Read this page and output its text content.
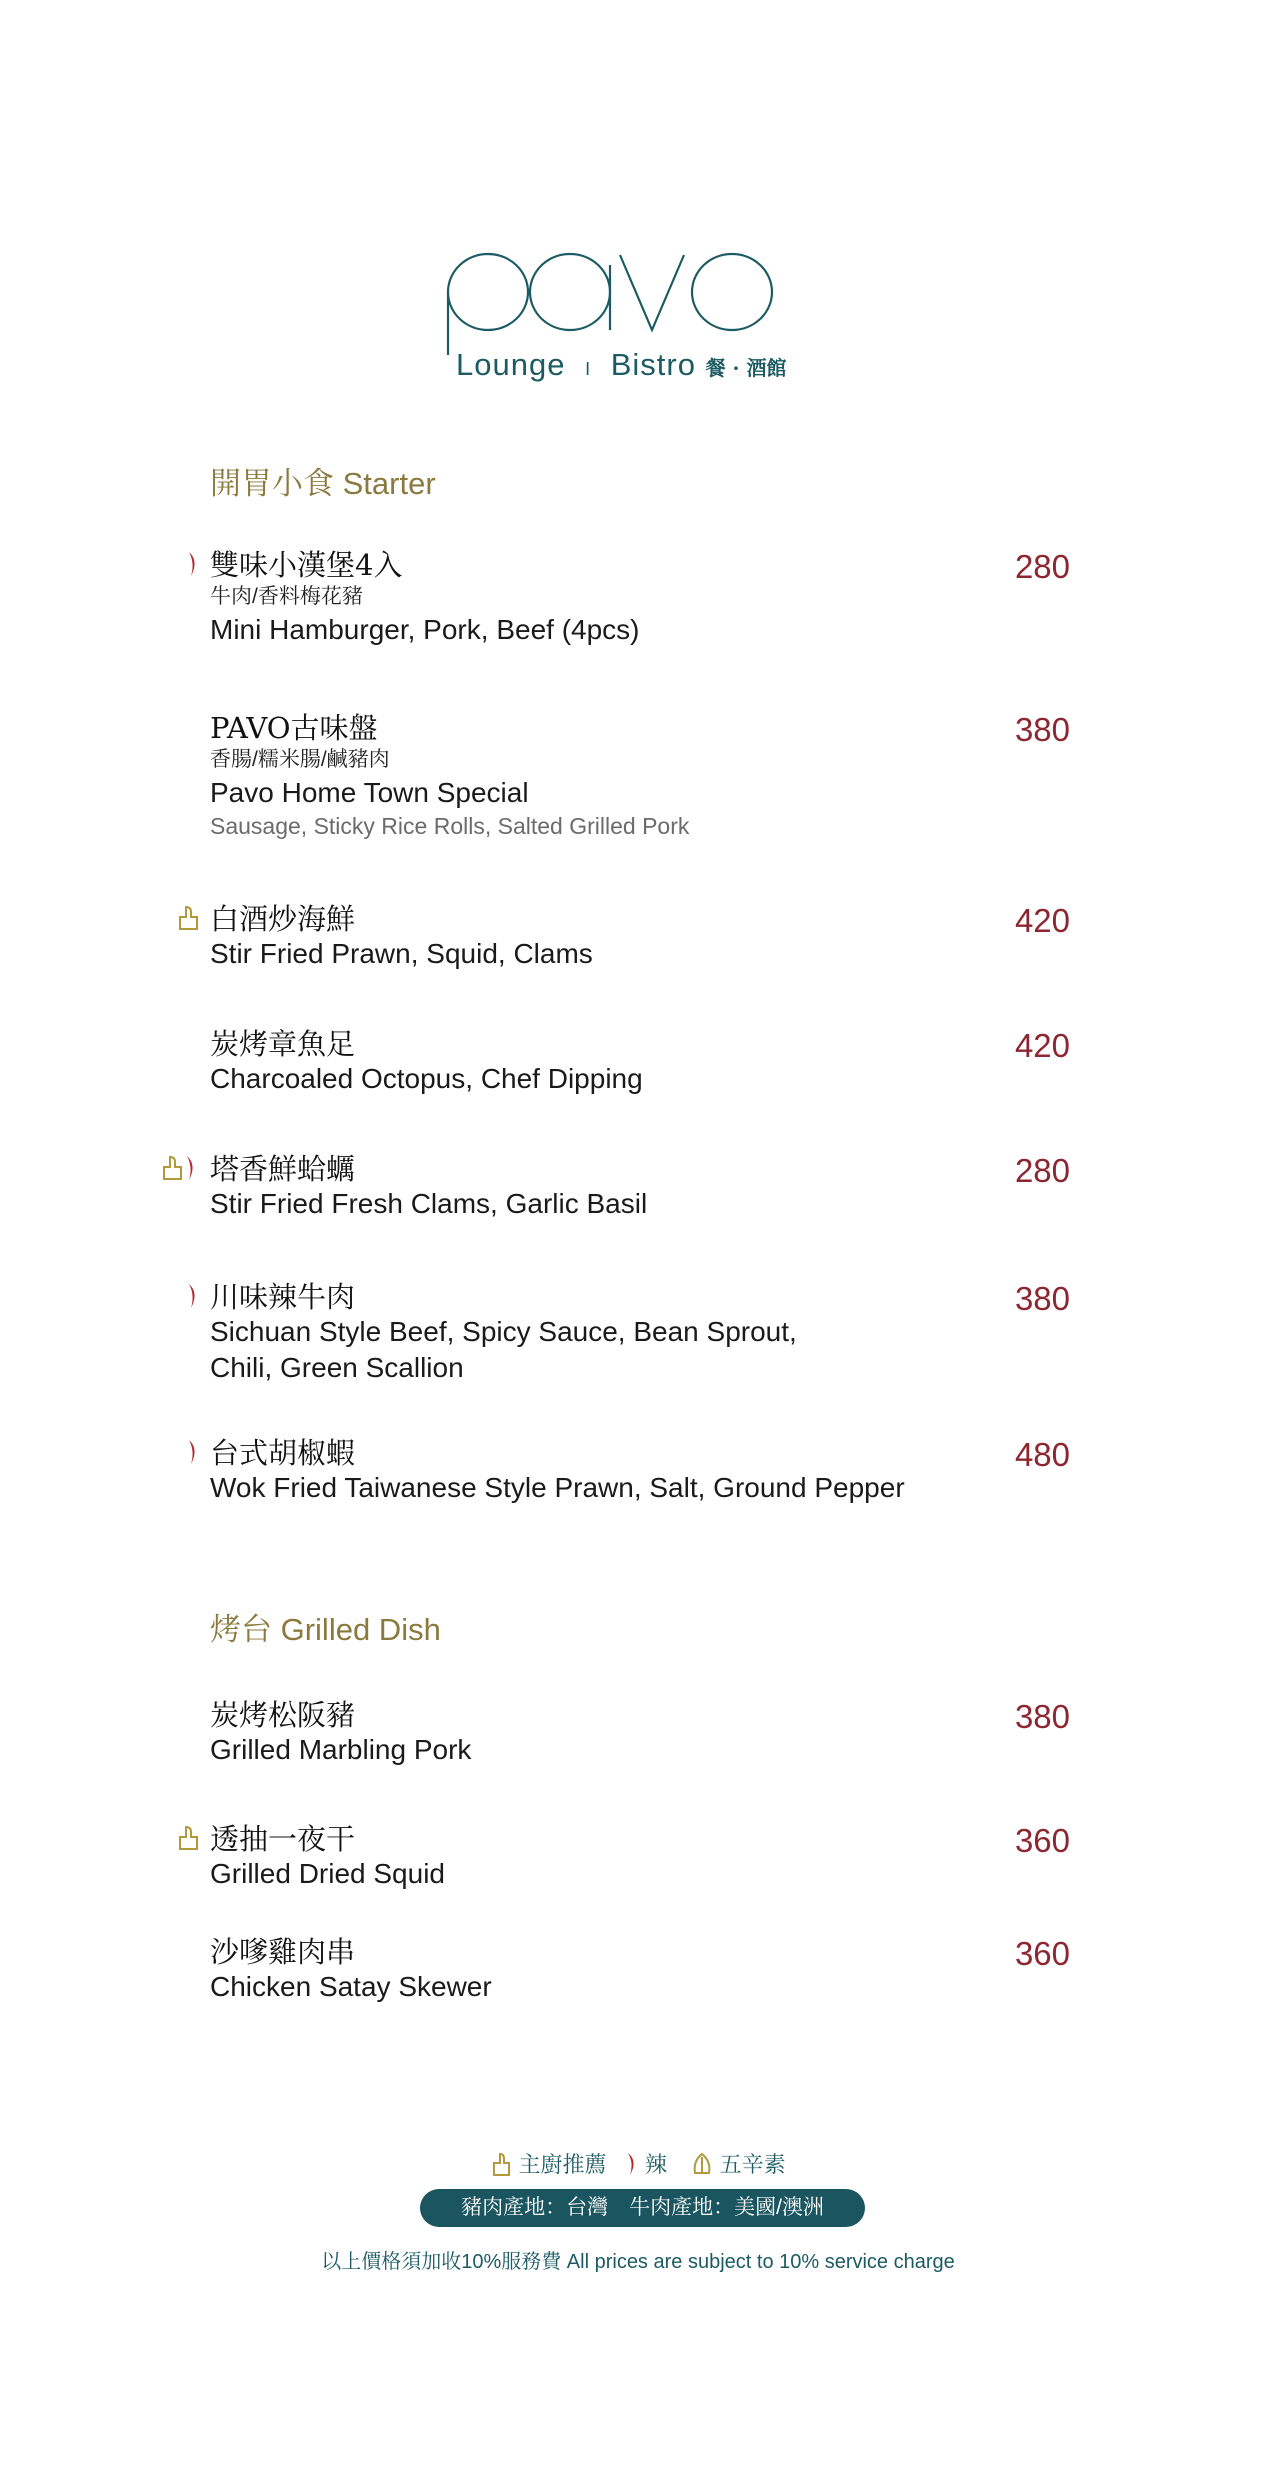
Lounge I Bistro 餐 · 酒館
開胃小食 Starter
雙味小漢堡4入
牛肉/香料梅花豬
Mini Hamburger, Pork, Beef (4pcs)
280
PAVO古味盤
香腸/糯米腸/鹹豬肉
Pavo Home Town Special
Sausage, Sticky Rice Rolls, Salted Grilled Pork
380
白酒炒海鮮
Stir Fried Prawn, Squid, Clams
420
炭烤章魚足
Charcoaled Octopus, Chef Dipping
420
塔香鮮蛤蠣
Stir Fried Fresh Clams, Garlic Basil
280
川味辣牛肉
Sichuan Style Beef, Spicy Sauce, Bean Sprout,
Chili, Green Scallion
380
台式胡椒蝦
Wok Fried Taiwanese Style Prawn, Salt, Ground Pepper
480
烤台 Grilled Dish
炭烤松阪豬
Grilled Marbling Pork
380
透抽一夜干
Grilled Dried Squid
360
沙嗲雞肉串
Chicken Satay Skewer
360
主廚推薦 辣 五辛素
豬肉產地：台灣　牛肉產地：美國/澳洲
以上價格須加收10%服務費 All prices are subject to 10% service charge
